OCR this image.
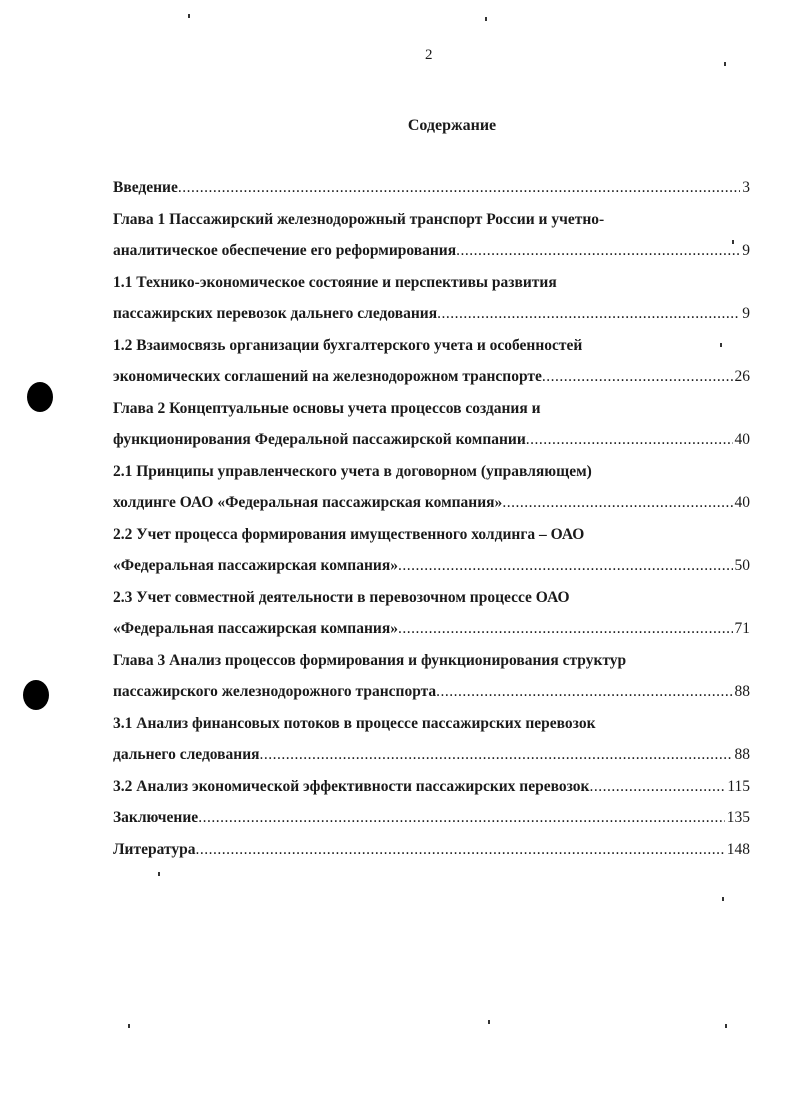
2
Содержание
Введение .....	3
Глава 1 Пассажирский железнодорожный транспорт России и учетно-
аналитическое обеспечение его реформирования .....	9
1.1 Технико-экономическое состояние и перспективы развития
пассажирских перевозок дальнего следования .....	9
1.2 Взаимосвязь организации бухгалтерского учета и особенностей
экономических соглашений на железнодорожном транспорте .....	26
Глава 2 Концептуальные основы учета процессов создания и
функционирования Федеральной пассажирской компании .....	40
2.1 Принципы управленческого учета в договорном (управляющем)
холдинге ОАО «Федеральная пассажирская компания» .....	40
2.2 Учет процесса формирования имущественного холдинга – ОАО
«Федеральная пассажирская компания» .....	50
2.3 Учет совместной деятельности в перевозочном процессе ОАО
«Федеральная пассажирская компания» .....	71
Глава 3 Анализ процессов формирования и функционирования структур
пассажирского железнодорожного транспорта .....	88
3.1 Анализ финансовых потоков в процессе пассажирских перевозок
дальнего следования .....	88
3.2 Анализ экономической эффективности пассажирских перевозок .....	115
Заключение .....	135
Литература .....	148
